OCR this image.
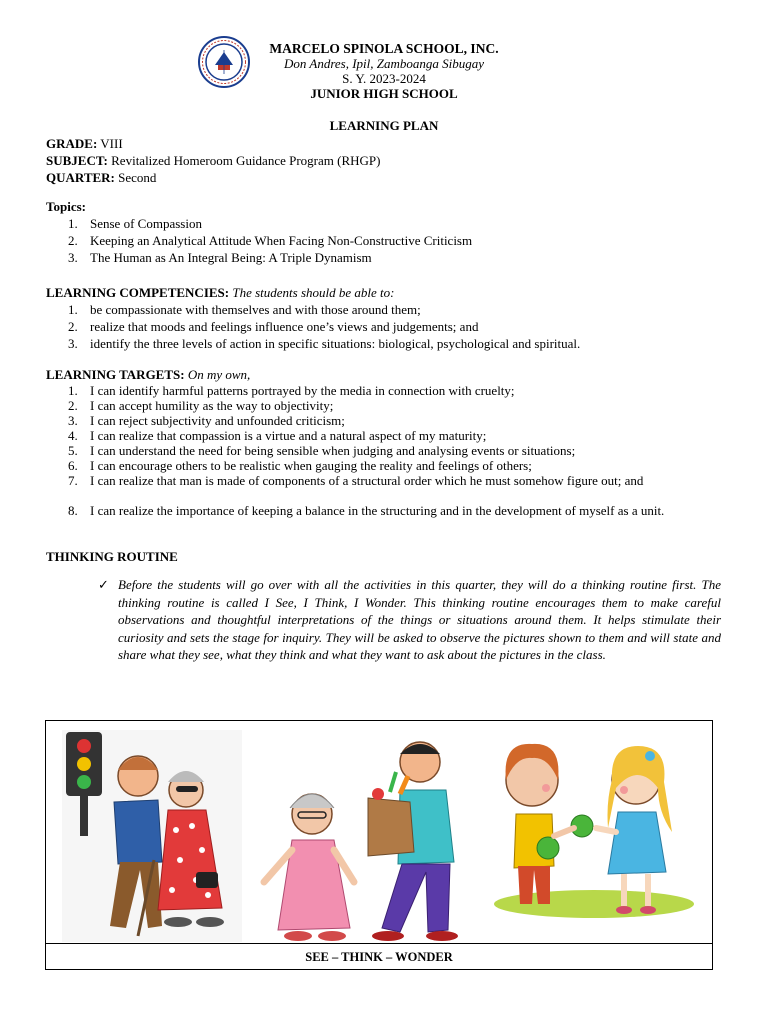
MARCELO SPINOLA SCHOOL, INC.
Don Andres, Ipil, Zamboanga Sibugay
S. Y. 2023-2024
JUNIOR HIGH SCHOOL
LEARNING PLAN
GRADE: VIII
SUBJECT: Revitalized Homeroom Guidance Program (RHGP)
QUARTER: Second
Topics:
1. Sense of Compassion
2. Keeping an Analytical Attitude When Facing Non-Constructive Criticism
3. The Human as An Integral Being: A Triple Dynamism
LEARNING COMPETENCIES: The students should be able to:
1. be compassionate with themselves and with those around them;
2. realize that moods and feelings influence one’s views and judgements; and
3. identify the three levels of action in specific situations: biological, psychological and spiritual.
LEARNING TARGETS: On my own,
1. I can identify harmful patterns portrayed by the media in connection with cruelty;
2. I can accept humility as the way to objectivity;
3. I can reject subjectivity and unfounded criticism;
4. I can realize that compassion is a virtue and a natural aspect of my maturity;
5. I can understand the need for being sensible when judging and analysing events or situations;
6. I can encourage others to be realistic when gauging the reality and feelings of others;
7. I can realize that man is made of components of a structural order which he must somehow figure out; and
8. I can realize the importance of keeping a balance in the structuring and in the development of myself as a unit.
THINKING ROUTINE
✓ Before the students will go over with all the activities in this quarter, they will do a thinking routine first. The thinking routine is called I See, I Think, I Wonder. This thinking routine encourages them to make careful observations and thoughtful interpretations of the things or situations around them. It helps stimulate their curiosity and sets the stage for inquiry. They will be asked to observe the pictures shown to them and will state and share what they see, what they think and what they want to ask about the pictures in the class.
SEE – THINK – WONDER
